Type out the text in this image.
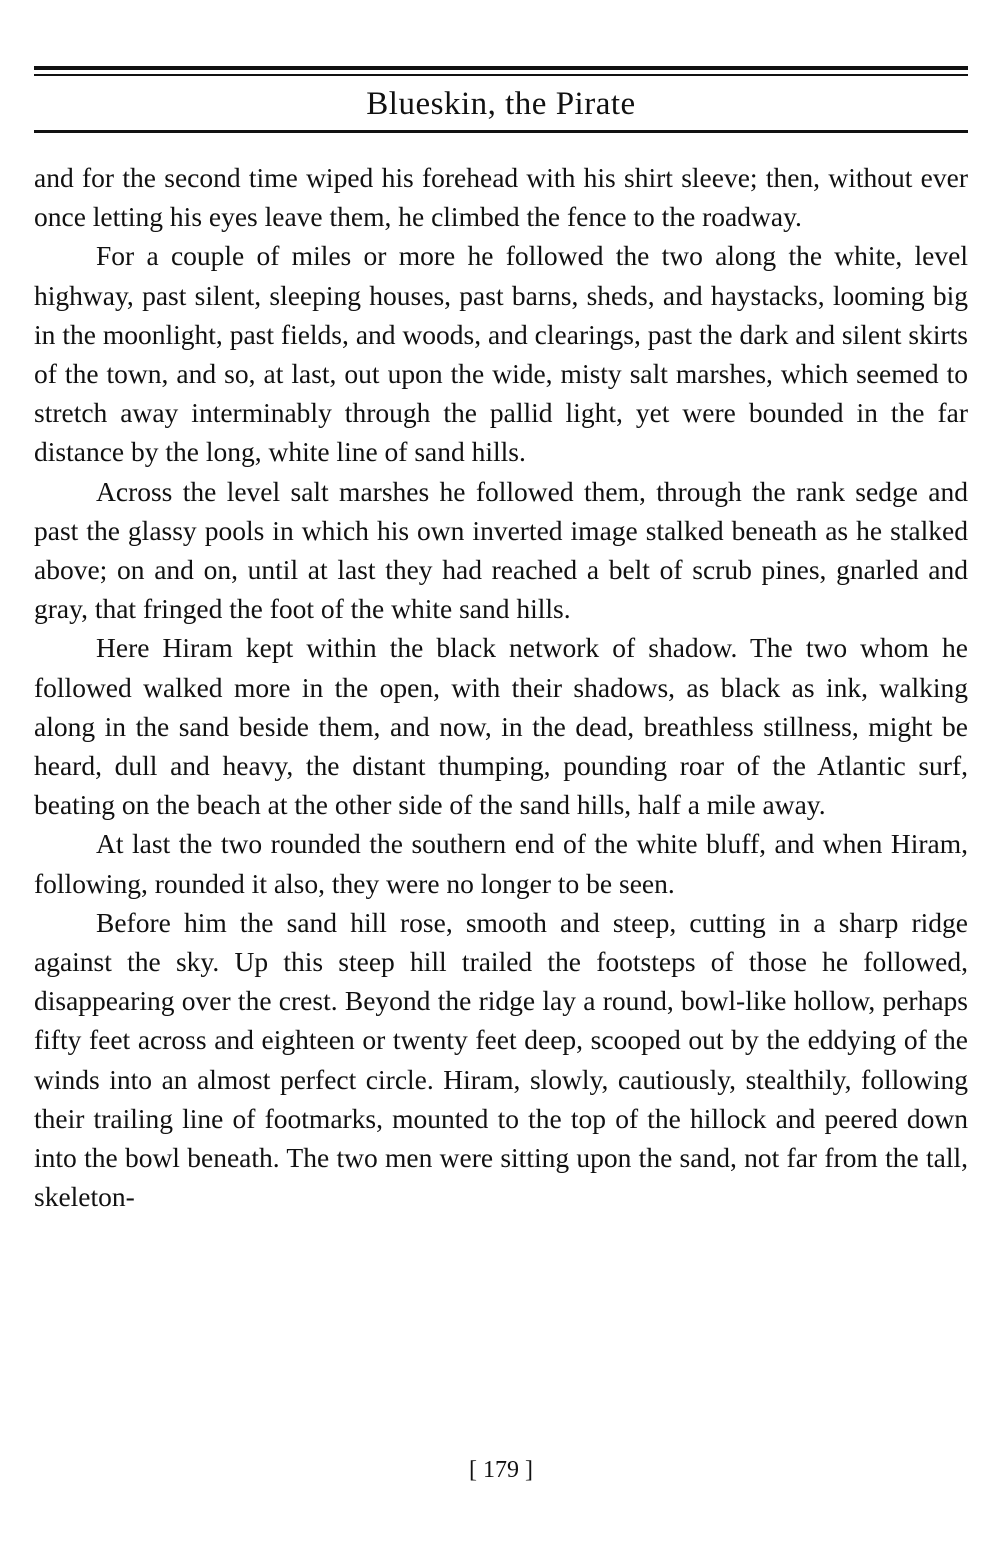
Blueskin, the Pirate

and for the second time wiped his forehead with his shirt sleeve; then, without ever once letting his eyes leave them, he climbed the fence to the roadway.

For a couple of miles or more he followed the two along the white, level highway, past silent, sleeping houses, past barns, sheds, and haystacks, looming big in the moonlight, past fields, and woods, and clearings, past the dark and silent skirts of the town, and so, at last, out upon the wide, misty salt marshes, which seemed to stretch away interminably through the pallid light, yet were bounded in the far distance by the long, white line of sand hills.

Across the level salt marshes he followed them, through the rank sedge and past the glassy pools in which his own inverted image stalked beneath as he stalked above; on and on, until at last they had reached a belt of scrub pines, gnarled and gray, that fringed the foot of the white sand hills.

Here Hiram kept within the black network of shadow. The two whom he followed walked more in the open, with their shadows, as black as ink, walking along in the sand beside them, and now, in the dead, breathless stillness, might be heard, dull and heavy, the distant thumping, pounding roar of the Atlantic surf, beating on the beach at the other side of the sand hills, half a mile away.

At last the two rounded the southern end of the white bluff, and when Hiram, following, rounded it also, they were no longer to be seen.

Before him the sand hill rose, smooth and steep, cutting in a sharp ridge against the sky. Up this steep hill trailed the footsteps of those he followed, disappearing over the crest. Beyond the ridge lay a round, bowl-like hollow, perhaps fifty feet across and eighteen or twenty feet deep, scooped out by the eddying of the winds into an almost perfect circle. Hiram, slowly, cautiously, stealthily, following their trailing line of footmarks, mounted to the top of the hillock and peered down into the bowl beneath. The two men were sitting upon the sand, not far from the tall, skeleton-

[ 179 ]
